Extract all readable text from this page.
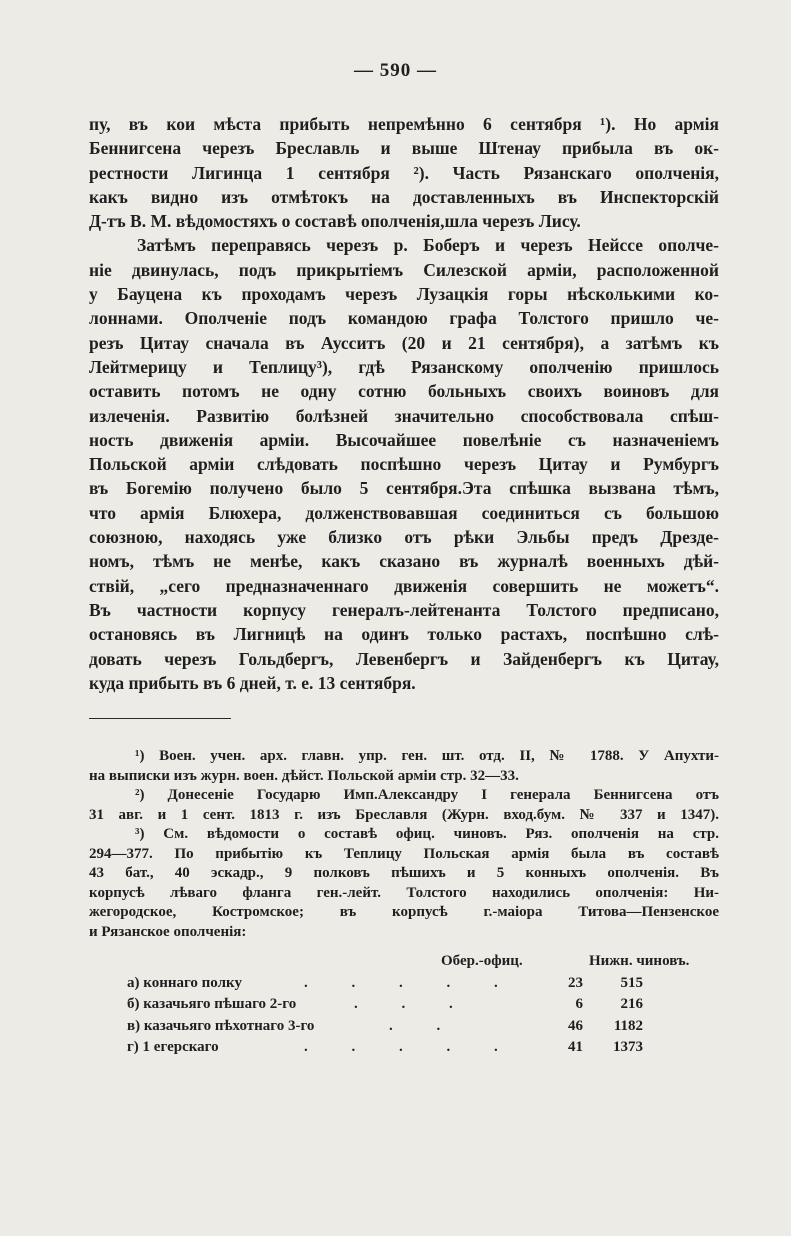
— 590 —
пу, въ кои мѣста прибыть непремѣнно 6 сентября ¹). Но армія
Беннигсена черезъ Бреславль и выше Штенау прибыла въ ок-
рестности Лигинца 1 сентября ²). Часть Рязанскаго ополченія,
какъ видно изъ отмѣтокъ на доставленныхъ въ Инспекторскій
Д-тъ В. М. вѣдомостяхъ о составѣ ополченія,шла черезъ Лису.
Затѣмъ переправясь черезъ р. Боберъ и черезъ Нейссе ополче-
ніе двинулась, подъ прикрытіемъ Силезской арміи, расположенной
у Бауцена къ проходамъ черезъ Лузацкія горы нѣсколькими ко-
лоннами. Ополченіе подъ командою графа Толстого пришло че-
резъ Цитау сначала въ Аусситъ (20 и 21 сентября), а затѣмъ къ
Лейтмерицу и Теплицу³), гдѣ Рязанскому ополченію пришлось
оставить потомъ не одну сотню больныхъ своихъ воиновъ для
излеченія. Развитію болѣзней значительно способствовала спѣш-
ность движенія арміи. Высочайшее повелѣніе съ назначеніемъ
Польской арміи слѣдовать поспѣшно черезъ Цитау и Румбургъ
въ Богемію получено было 5 сентября.Эта спѣшка вызвана тѣмъ,
что армія Блюхера, долженствовавшая соединиться съ большою
союзною, находясь уже близко отъ рѣки Эльбы предъ Дрезде-
номъ, тѣмъ не менѣе, какъ сказано въ журналѣ военныхъ дѣй-
ствій, „сего предназначеннаго движенія совершить не можетъ“.
Въ частности корпусу генералъ-лейтенанта Толстого предписано,
остановясь въ Лигницѣ на одинъ только растахъ, поспѣшно слѣ-
довать черезъ Гольдбергъ, Левенбергъ и Зайденбергъ къ Цитау,
куда прибыть въ 6 дней, т. е. 13 сентября.
¹) Воен. учен. арх. главн. упр. ген. шт. отд. II, № 1788. У Апухти-
на выписки изъ журн. воен. дѣйст. Польской арміи стр. 32—33.
²) Донесеніе Государю Имп.Александру I генерала Беннигсена отъ
31 авг. и 1 сент. 1813 г. изъ Бреславля (Журн. вход.бум. № 337 и 1347).
³) См. вѣдомости о составѣ офиц. чиновъ. Ряз. ополченія на стр.
294—377. По прибытію къ Теплицу Польская армія была въ составѣ
43 бат., 40 эскадр., 9 полковъ пѣшихъ и 5 конныхъ ополченія. Въ
корпусѣ лѣваго фланга ген.-лейт. Толстого находились ополченія: Ни-
жегородское, Костромское; въ корпусѣ г.-маіора Титова—Пензенское
и Рязанское ополченія:
Обер.-офиц.	Нижн. чиновъ.
а) коннаго полку	. . . . .	23	515
б) казачьяго пѣшаго 2-го	. . .	6	216
в) казачьяго пѣхотнаго 3-го	. .	46	1182
г) 1 егерскаго	. . . . .	41	1373
